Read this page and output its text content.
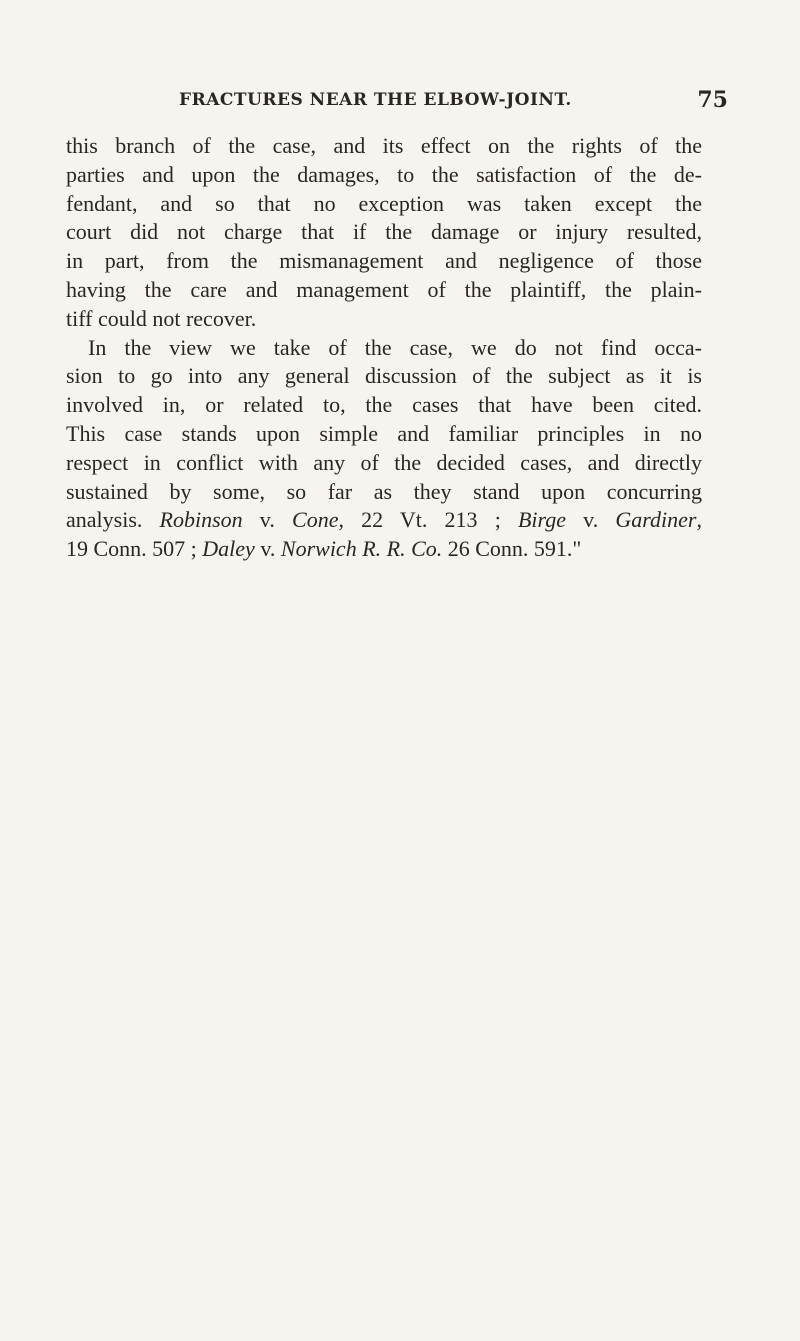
FRACTURES NEAR THE ELBOW-JOINT.	75
this branch of the case, and its effect on the rights of the
parties and upon the damages, to the satisfaction of the de-
fendant, and so that no exception was taken except the
court did not charge that if the damage or injury resulted,
in part, from the mismanagement and negligence of those
having the care and management of the plaintiff, the plain-
tiff could not recover.
In the view we take of the case, we do not find occa-
sion to go into any general discussion of the subject as it is
involved in, or related to, the cases that have been cited.
This case stands upon simple and familiar principles in no
respect in conflict with any of the decided cases, and directly
sustained by some, so far as they stand upon concurring
analysis. Robinson v. Cone, 22 Vt. 213 ; Birge v. Gardiner,
19 Conn. 507 ; Daley v. Norwich R. R. Co. 26 Conn. 591."
